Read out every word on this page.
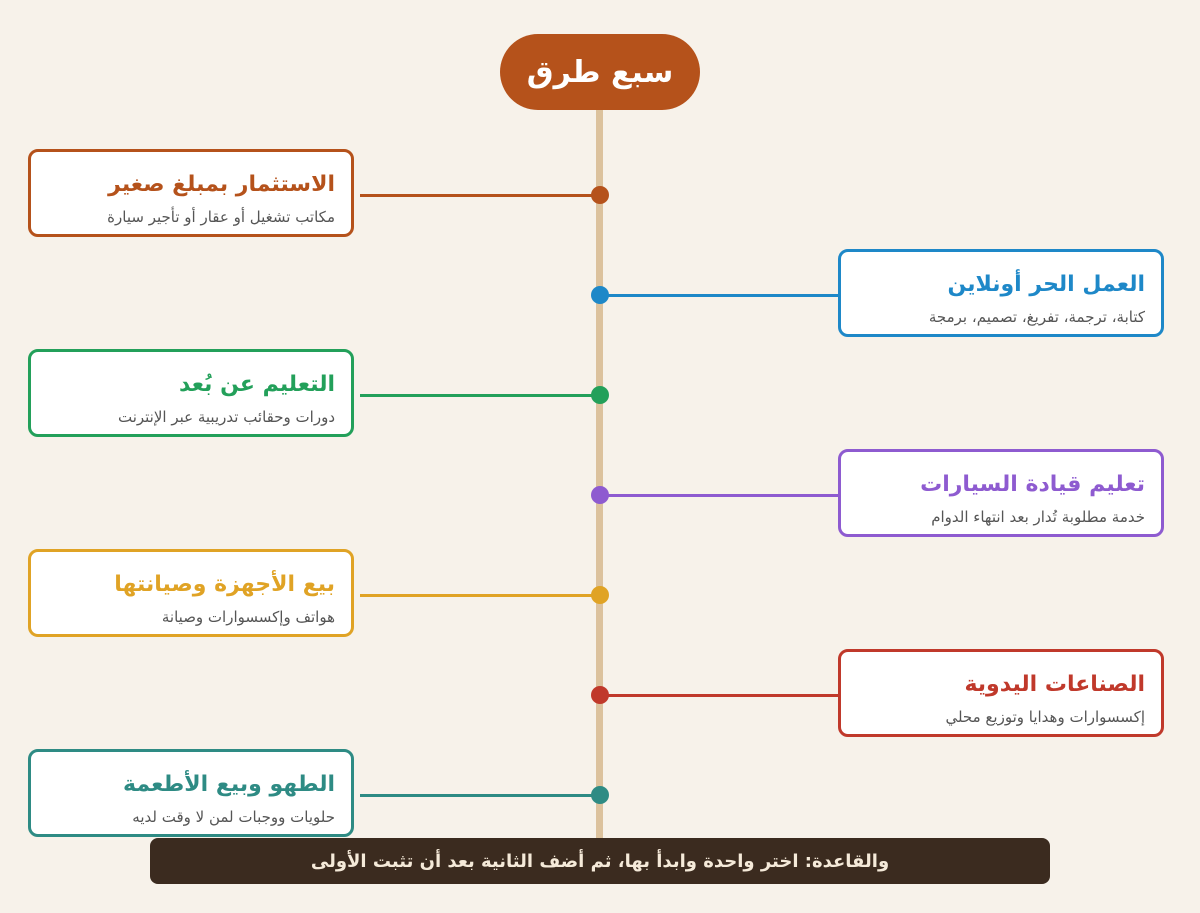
سبع طرق
الاستثمار بمبلغ صغير
مكاتب تشغيل أو عقار أو تأجير سيارة
العمل الحر أونلاين
كتابة، ترجمة، تفريغ، تصميم، برمجة
التعليم عن بُعد
دورات وحقائب تدريبية عبر الإنترنت
تعليم قيادة السيارات
خدمة مطلوبة تُدار بعد انتهاء الدوام
بيع الأجهزة وصيانتها
هواتف وإكسسوارات وصيانة
الصناعات اليدوية
إكسسوارات وهدايا وتوزيع محلي
الطهو وبيع الأطعمة
حلويات ووجبات لمن لا وقت لديه
والقاعدة: اختر واحدة وابدأ بها، ثم أضف الثانية بعد أن تثبت الأولى
